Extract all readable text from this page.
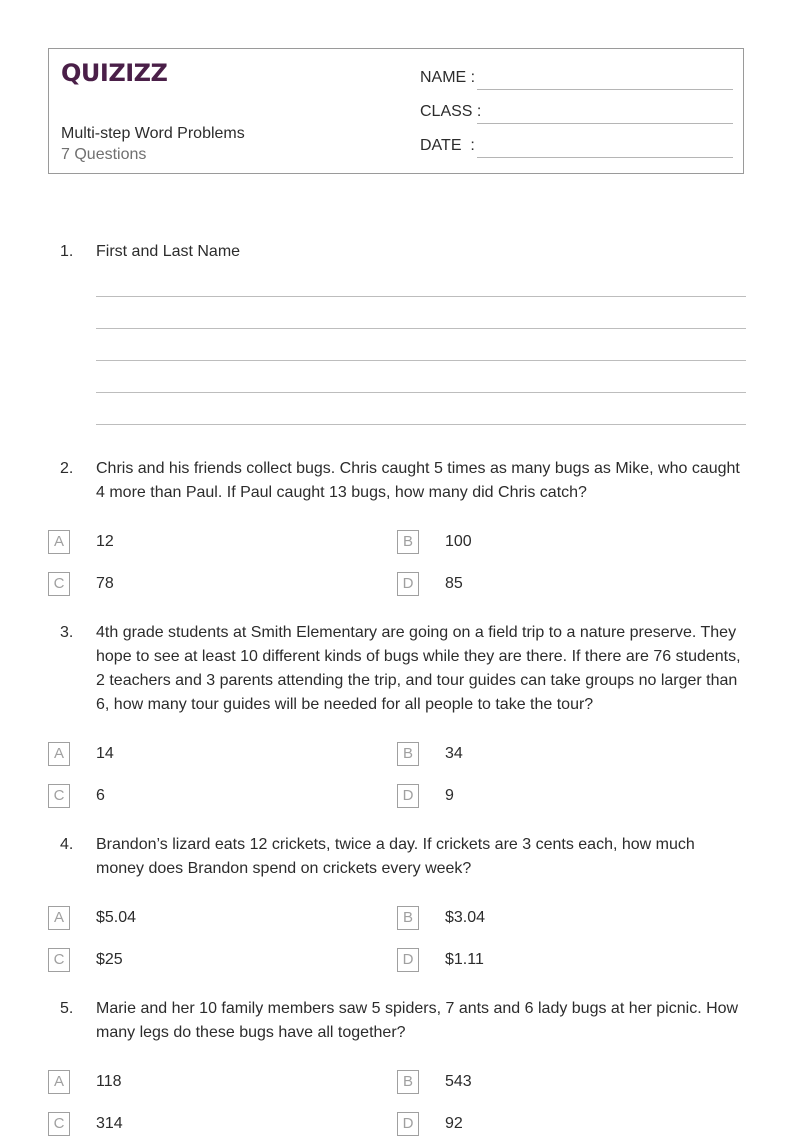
QUIZIZZ
Multi-step Word Problems
7 Questions
NAME :
CLASS :
DATE  :
1. First and Last Name
2. Chris and his friends collect bugs. Chris caught 5 times as many bugs as Mike, who caught 4 more than Paul. If Paul caught 13 bugs, how many did Chris catch?
A	12	B	100
C	78	D	85
3. 4th grade students at Smith Elementary are going on a field trip to a nature preserve. They hope to see at least 10 different kinds of bugs while they are there. If there are 76 students, 2 teachers and 3 parents attending the trip, and tour guides can take groups no larger than 6, how many tour guides will be needed for all people to take the tour?
A	14	B	34
C	6	D	9
4. Brandon’s lizard eats 12 crickets, twice a day. If crickets are 3 cents each, how much money does Brandon spend on crickets every week?
A	$5.04	B	$3.04
C	$25	D	$1.11
5. Marie and her 10 family members saw 5 spiders, 7 ants and 6 lady bugs at her picnic. How many legs do these bugs have all together?
A	118	B	543
C	314	D	92
